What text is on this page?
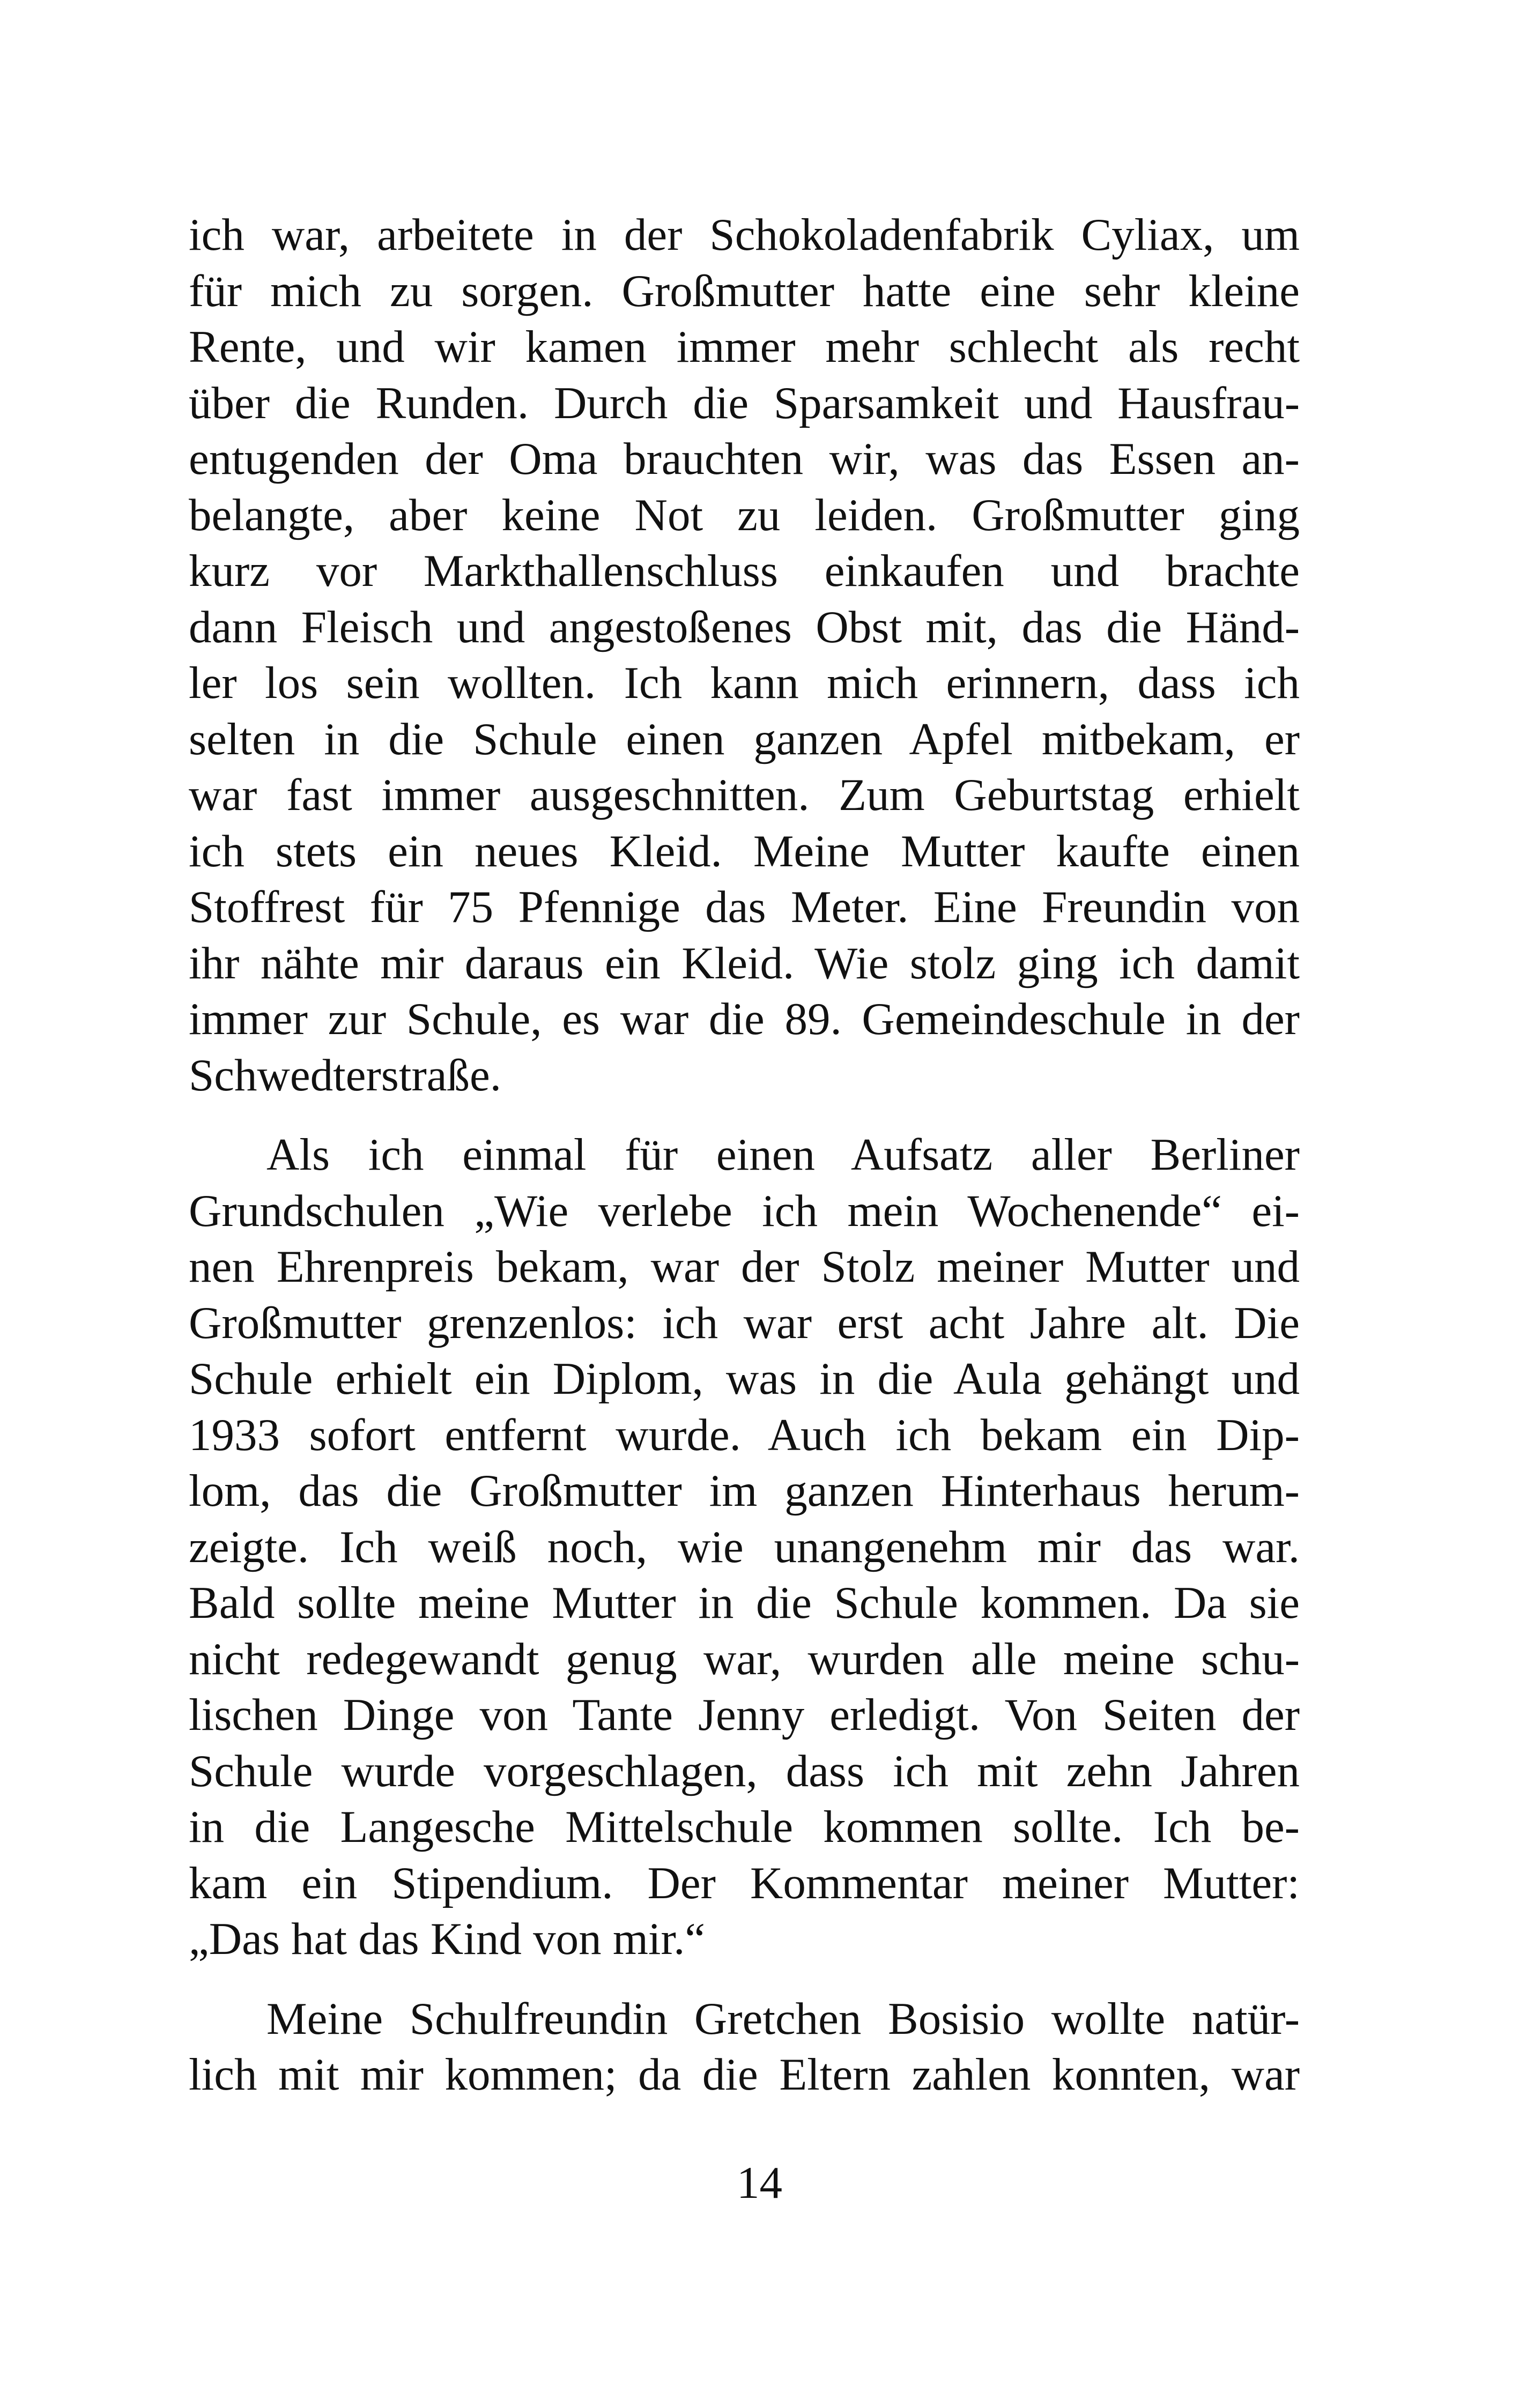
ich war, arbeitete in der Schokoladenfabrik Cyliax, um
für mich zu sorgen. Großmutter hatte eine sehr kleine
Rente, und wir kamen immer mehr schlecht als recht
über die Runden. Durch die Sparsamkeit und Hausfrau-
entugenden der Oma brauchten wir, was das Essen an-
belangte, aber keine Not zu leiden. Großmutter ging
kurz vor Markthallenschluss einkaufen und brachte
dann Fleisch und angestoßenes Obst mit, das die Händ-
ler los sein wollten. Ich kann mich erinnern, dass ich
selten in die Schule einen ganzen Apfel mitbekam, er
war fast immer ausgeschnitten. Zum Geburtstag erhielt
ich stets ein neues Kleid. Meine Mutter kaufte einen
Stoffrest für 75 Pfennige das Meter. Eine Freundin von
ihr nähte mir daraus ein Kleid. Wie stolz ging ich damit
immer zur Schule, es war die 89. Gemeindeschule in der
Schwedterstraße.
Als ich einmal für einen Aufsatz aller Berliner
Grundschulen „Wie verlebe ich mein Wochenende“ ei-
nen Ehrenpreis bekam, war der Stolz meiner Mutter und
Großmutter grenzenlos: ich war erst acht Jahre alt. Die
Schule erhielt ein Diplom, was in die Aula gehängt und
1933 sofort entfernt wurde. Auch ich bekam ein Dip-
lom, das die Großmutter im ganzen Hinterhaus herum-
zeigte. Ich weiß noch, wie unangenehm mir das war.
Bald sollte meine Mutter in die Schule kommen. Da sie
nicht redegewandt genug war, wurden alle meine schu-
lischen Dinge von Tante Jenny erledigt. Von Seiten der
Schule wurde vorgeschlagen, dass ich mit zehn Jahren
in die Langesche Mittelschule kommen sollte. Ich be-
kam ein Stipendium. Der Kommentar meiner Mutter:
„Das hat das Kind von mir.“
Meine Schulfreundin Gretchen Bosisio wollte natür-
lich mit mir kommen; da die Eltern zahlen konnten, war
14
